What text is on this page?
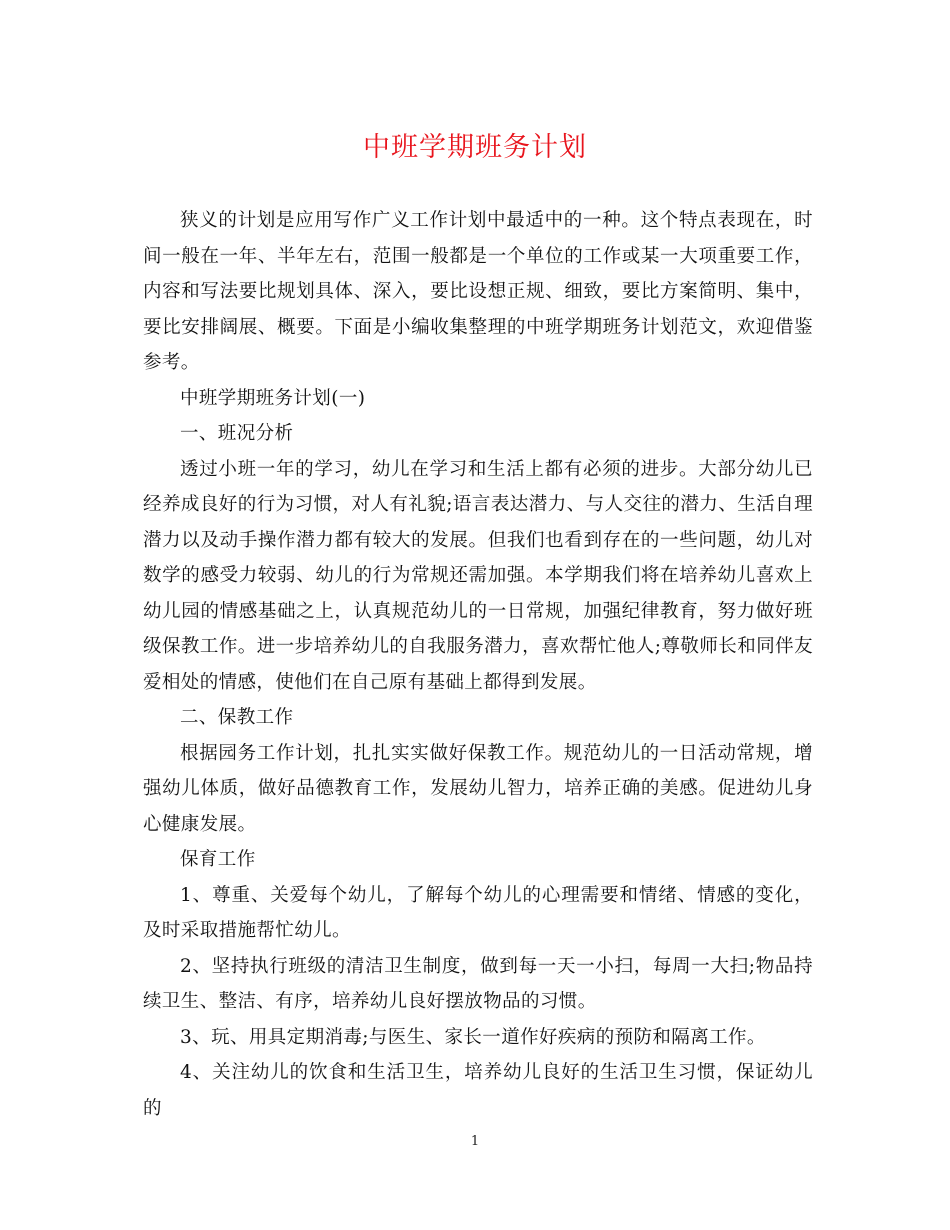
中班学期班务计划

狭义的计划是应用写作广义工作计划中最适中的一种。这个特点表现在，时间一般在一年、半年左右，范围一般都是一个单位的工作或某一大项重要工作，内容和写法要比规划具体、深入，要比设想正规、细致，要比方案简明、集中，要比安排阔展、概要。下面是小编收集整理的中班学期班务计划范文，欢迎借鉴参考。

中班学期班务计划(一)

一、班况分析

透过小班一年的学习，幼儿在学习和生活上都有必须的进步。大部分幼儿已经养成良好的行为习惯，对人有礼貌;语言表达潜力、与人交往的潜力、生活自理潜力以及动手操作潜力都有较大的发展。但我们也看到存在的一些问题，幼儿对数学的感受力较弱、幼儿的行为常规还需加强。本学期我们将在培养幼儿喜欢上幼儿园的情感基础之上，认真规范幼儿的一日常规，加强纪律教育，努力做好班级保教工作。进一步培养幼儿的自我服务潜力，喜欢帮忙他人;尊敬师长和同伴友爱相处的情感，使他们在自己原有基础上都得到发展。

二、保教工作

根据园务工作计划，扎扎实实做好保教工作。规范幼儿的一日活动常规，增强幼儿体质，做好品德教育工作，发展幼儿智力，培养正确的美感。促进幼儿身心健康发展。

保育工作

1、尊重、关爱每个幼儿，了解每个幼儿的心理需要和情绪、情感的变化，及时采取措施帮忙幼儿。

2、坚持执行班级的清洁卫生制度，做到每一天一小扫，每周一大扫;物品持续卫生、整洁、有序，培养幼儿良好摆放物品的习惯。

3、玩、用具定期消毒;与医生、家长一道作好疾病的预防和隔离工作。

4、关注幼儿的饮食和生活卫生，培养幼儿良好的生活卫生习惯，保证幼儿的

1
